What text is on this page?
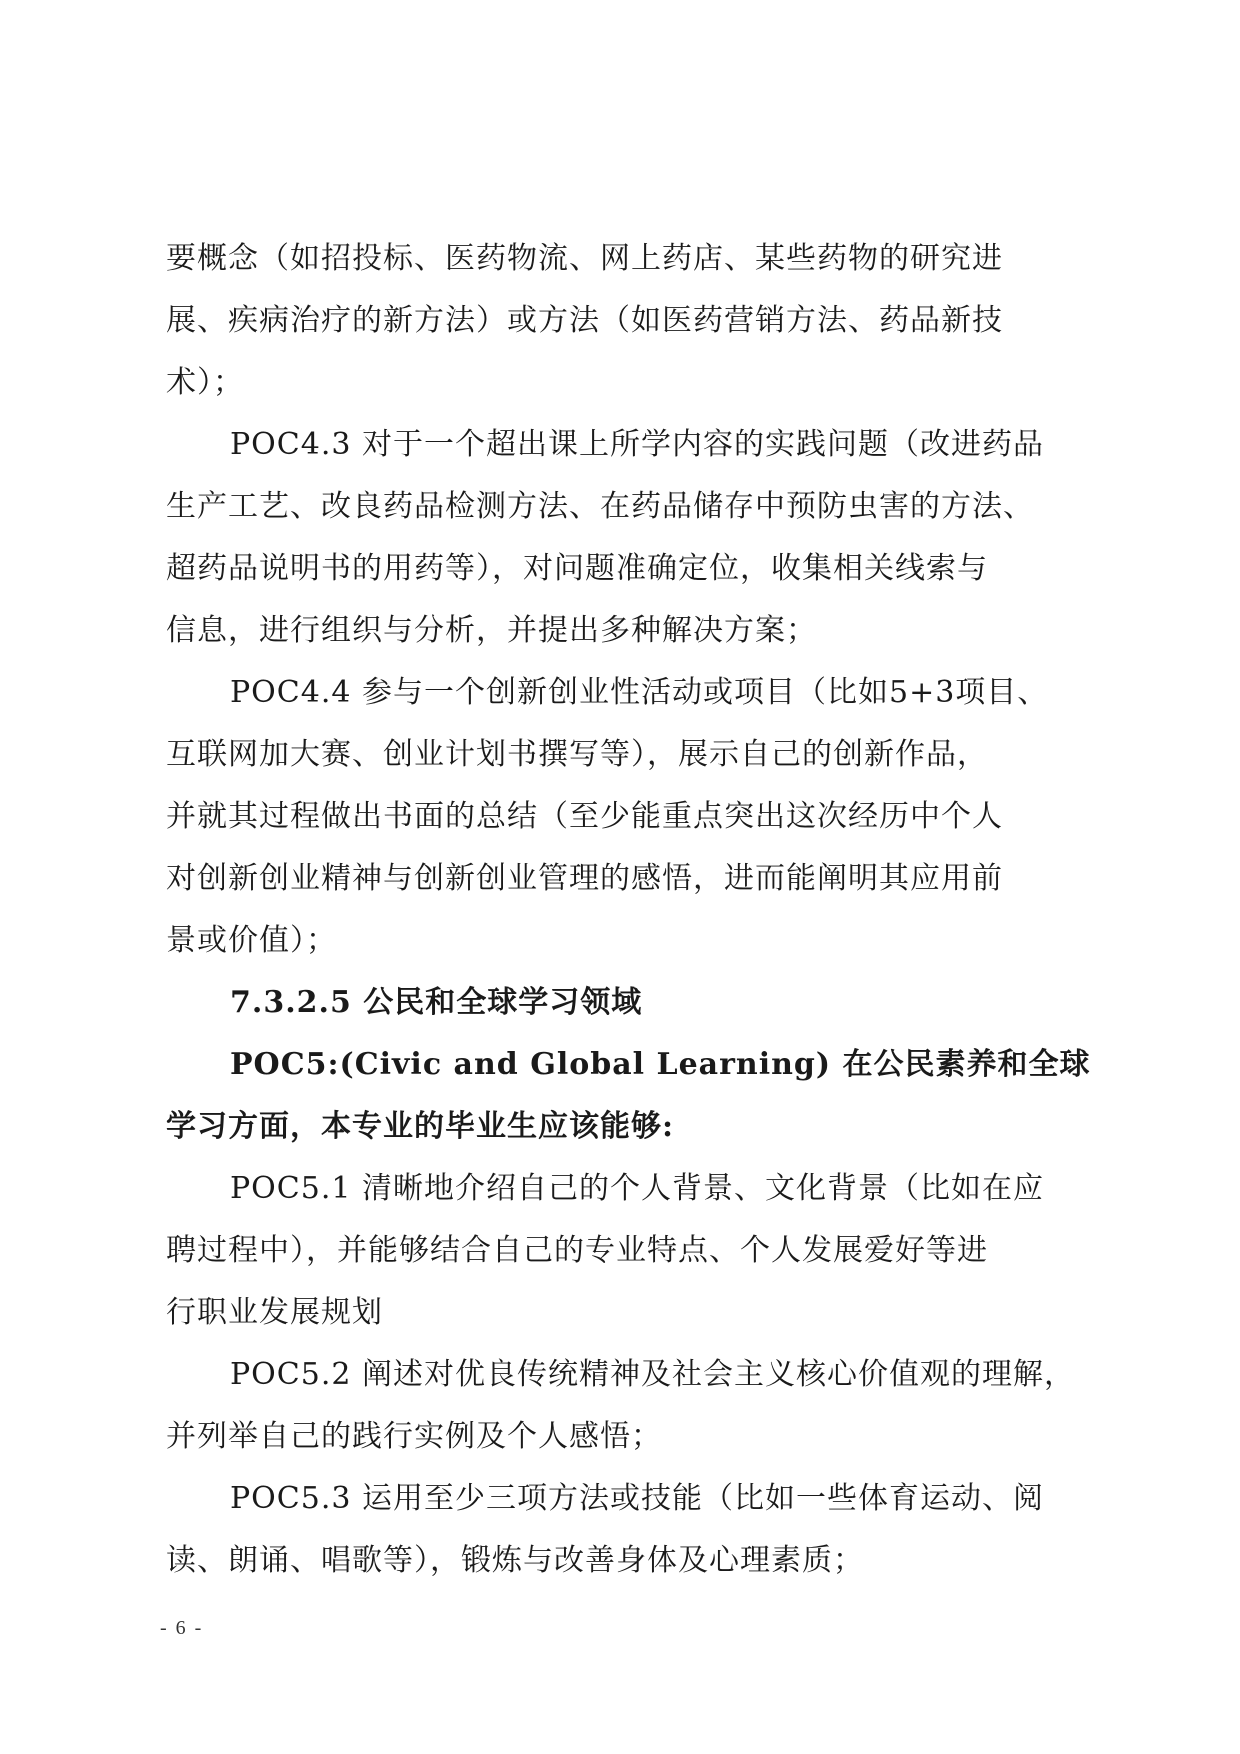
要概念（如招投标、医药物流、网上药店、某些药物的研究进
展、疾病治疗的新方法）或方法（如医药营销方法、药品新技
术）；
POC4.3 对于一个超出课上所学内容的实践问题（改进药品
生产工艺、改良药品检测方法、在药品储存中预防虫害的方法、
超药品说明书的用药等），对问题准确定位，收集相关线索与
信息，进行组织与分析，并提出多种解决方案；
POC4.4 参与一个创新创业性活动或项目（比如5+3项目、
互联网加大赛、创业计划书撰写等），展示自己的创新作品，
并就其过程做出书面的总结（至少能重点突出这次经历中个人
对创新创业精神与创新创业管理的感悟，进而能阐明其应用前
景或价值）；
7.3.2.5 公民和全球学习领域
POC5:(Civic and Global Learning) 在公民素养和全球
学习方面，本专业的毕业生应该能够:
POC5.1 清晰地介绍自己的个人背景、文化背景（比如在应
聘过程中），并能够结合自己的专业特点、个人发展爱好等进
行职业发展规划
POC5.2 阐述对优良传统精神及社会主义核心价值观的理解，
并列举自己的践行实例及个人感悟；
POC5.3 运用至少三项方法或技能（比如一些体育运动、阅
读、朗诵、唱歌等），锻炼与改善身体及心理素质；
- 6 -
